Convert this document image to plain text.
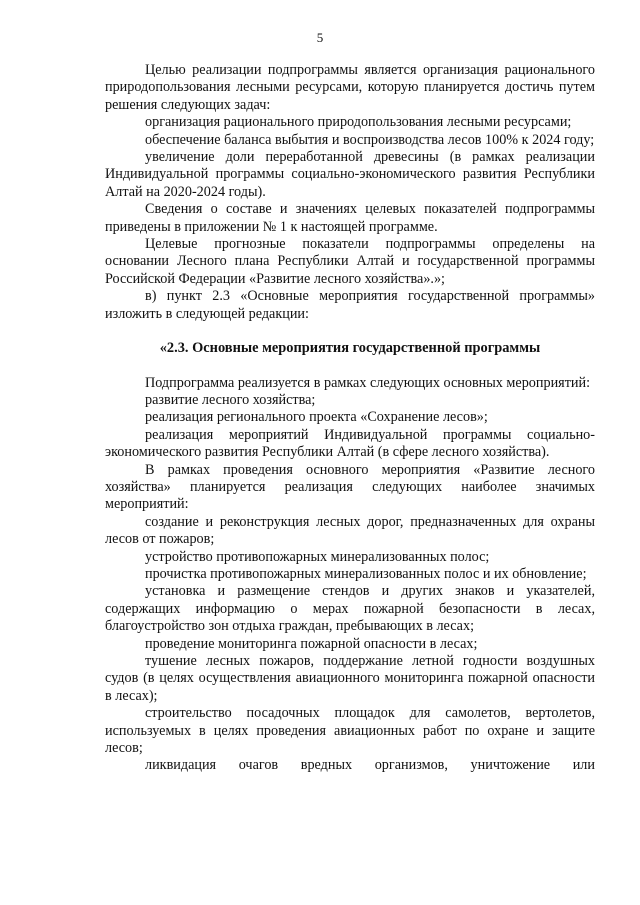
5

Целью реализации подпрограммы является организация рационального природопользования лесными ресурсами, которую планируется достичь путем решения следующих задач:

организация рационального природопользования лесными ресурсами;

обеспечение баланса выбытия и воспроизводства лесов 100% к 2024 году;

увеличение доли переработанной древесины (в рамках реализации Индивидуальной программы социально-экономического развития Республики Алтай на 2020-2024 годы).

Сведения о составе и значениях целевых показателей подпрограммы приведены в приложении № 1 к настоящей программе.

Целевые прогнозные показатели подпрограммы определены на основании Лесного плана Республики Алтай и государственной программы Российской Федерации «Развитие лесного хозяйства».»;

в) пункт 2.3 «Основные мероприятия государственной программы» изложить в следующей редакции:

«2.3. Основные мероприятия государственной программы

Подпрограмма реализуется в рамках следующих основных мероприятий:

развитие лесного хозяйства;

реализация регионального проекта «Сохранение лесов»;

реализация мероприятий Индивидуальной программы социально-экономического развития Республики Алтай (в сфере лесного хозяйства).

В рамках проведения основного мероприятия «Развитие лесного хозяйства» планируется реализация следующих наиболее значимых мероприятий:

создание и реконструкция лесных дорог, предназначенных для охраны лесов от пожаров;

устройство противопожарных минерализованных полос;

прочистка противопожарных минерализованных полос и их обновление;

установка и размещение стендов и других знаков и указателей, содержащих информацию о мерах пожарной безопасности в лесах, благоустройство зон отдыха граждан, пребывающих в лесах;

проведение мониторинга пожарной опасности в лесах;

тушение лесных пожаров, поддержание летной годности воздушных судов (в целях осуществления авиационного мониторинга пожарной опасности в лесах);

строительство посадочных площадок для самолетов, вертолетов, используемых в целях проведения авиационных работ по охране и защите лесов;

ликвидация очагов вредных организмов, уничтожение или
